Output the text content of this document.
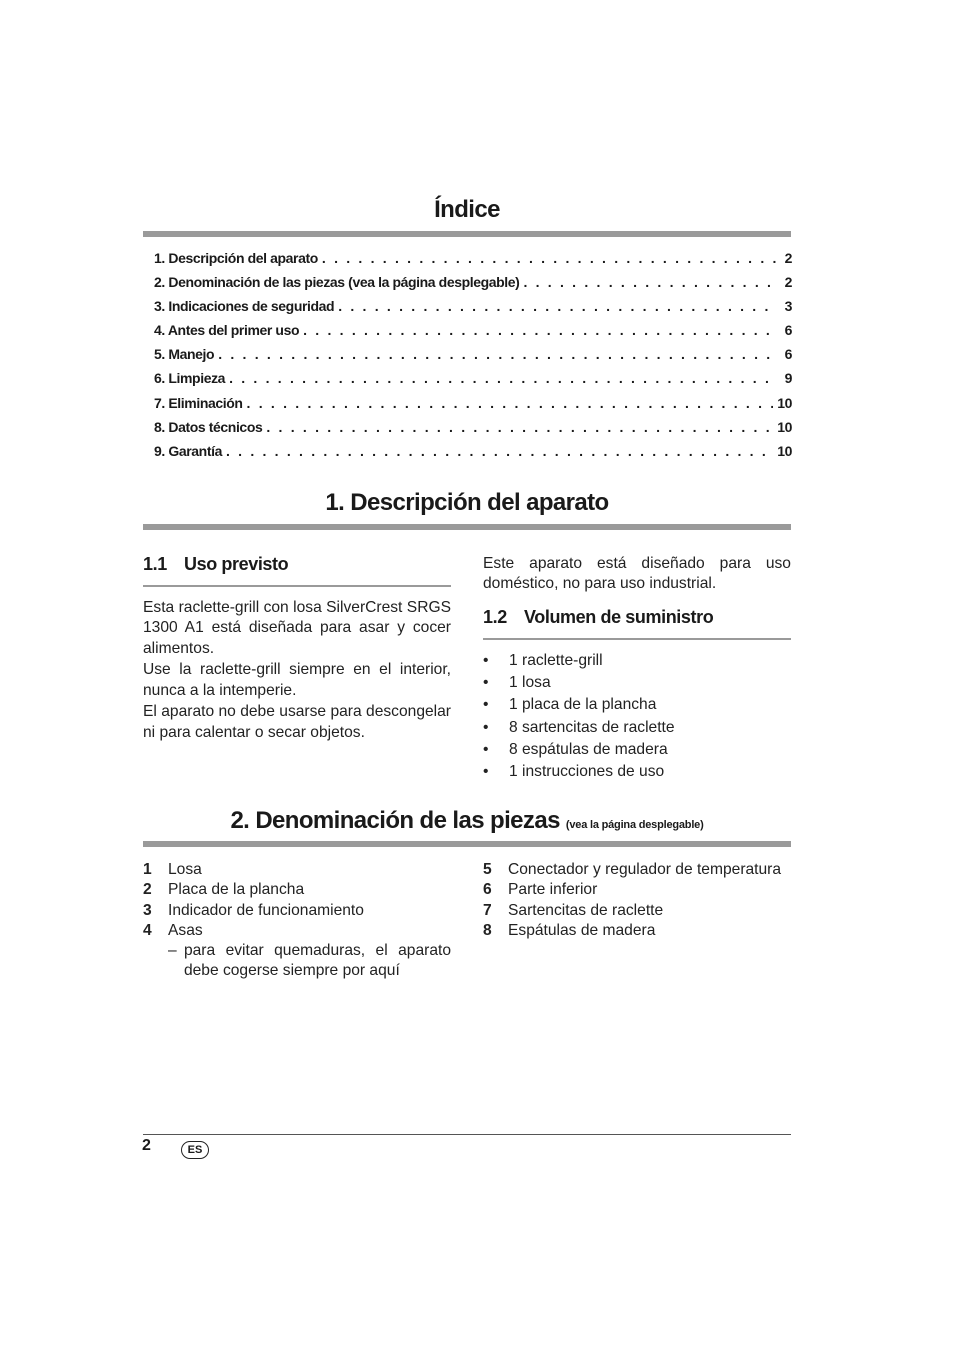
Índice
1. Descripción del aparato . . .	2
2. Denominación de las piezas (vea la página desplegable) . . .	2
3. Indicaciones de seguridad . . .	3
4. Antes del primer uso . . .	6
5. Manejo . . .	6
6. Limpieza . . .	9
7. Eliminación . . .	10
8. Datos técnicos . . .	10
9. Garantía . . .	10
1. Descripción del aparato
1.1 Uso previsto

Esta raclette-grill con losa SilverCrest SRGS 1300 A1 está diseñada para asar y cocer alimentos.

Use la raclette-grill siempre en el interior, nunca a la intemperie.

El aparato no debe usarse para descongelar ni para calentar o secar objetos.

Este aparato está diseñado para uso doméstico, no para uso industrial.

1.2 Volumen de suministro
•	1 raclette-grill
•	1 losa
•	1 placa de la plancha
•	8 sartencitas de raclette
•	8 espátulas de madera
•	1 instrucciones de uso
2. Denominación de las piezas (vea la página desplegable)
1	Losa
2	Placa de la plancha
3	Indicador de funcionamiento
4	Asas
– para evitar quemaduras, el aparato debe cogerse siempre por aquí
5	Conectador y regulador de temperatura
6	Parte inferior
7	Sartencitas de raclette
8	Espátulas de madera
2	ES
